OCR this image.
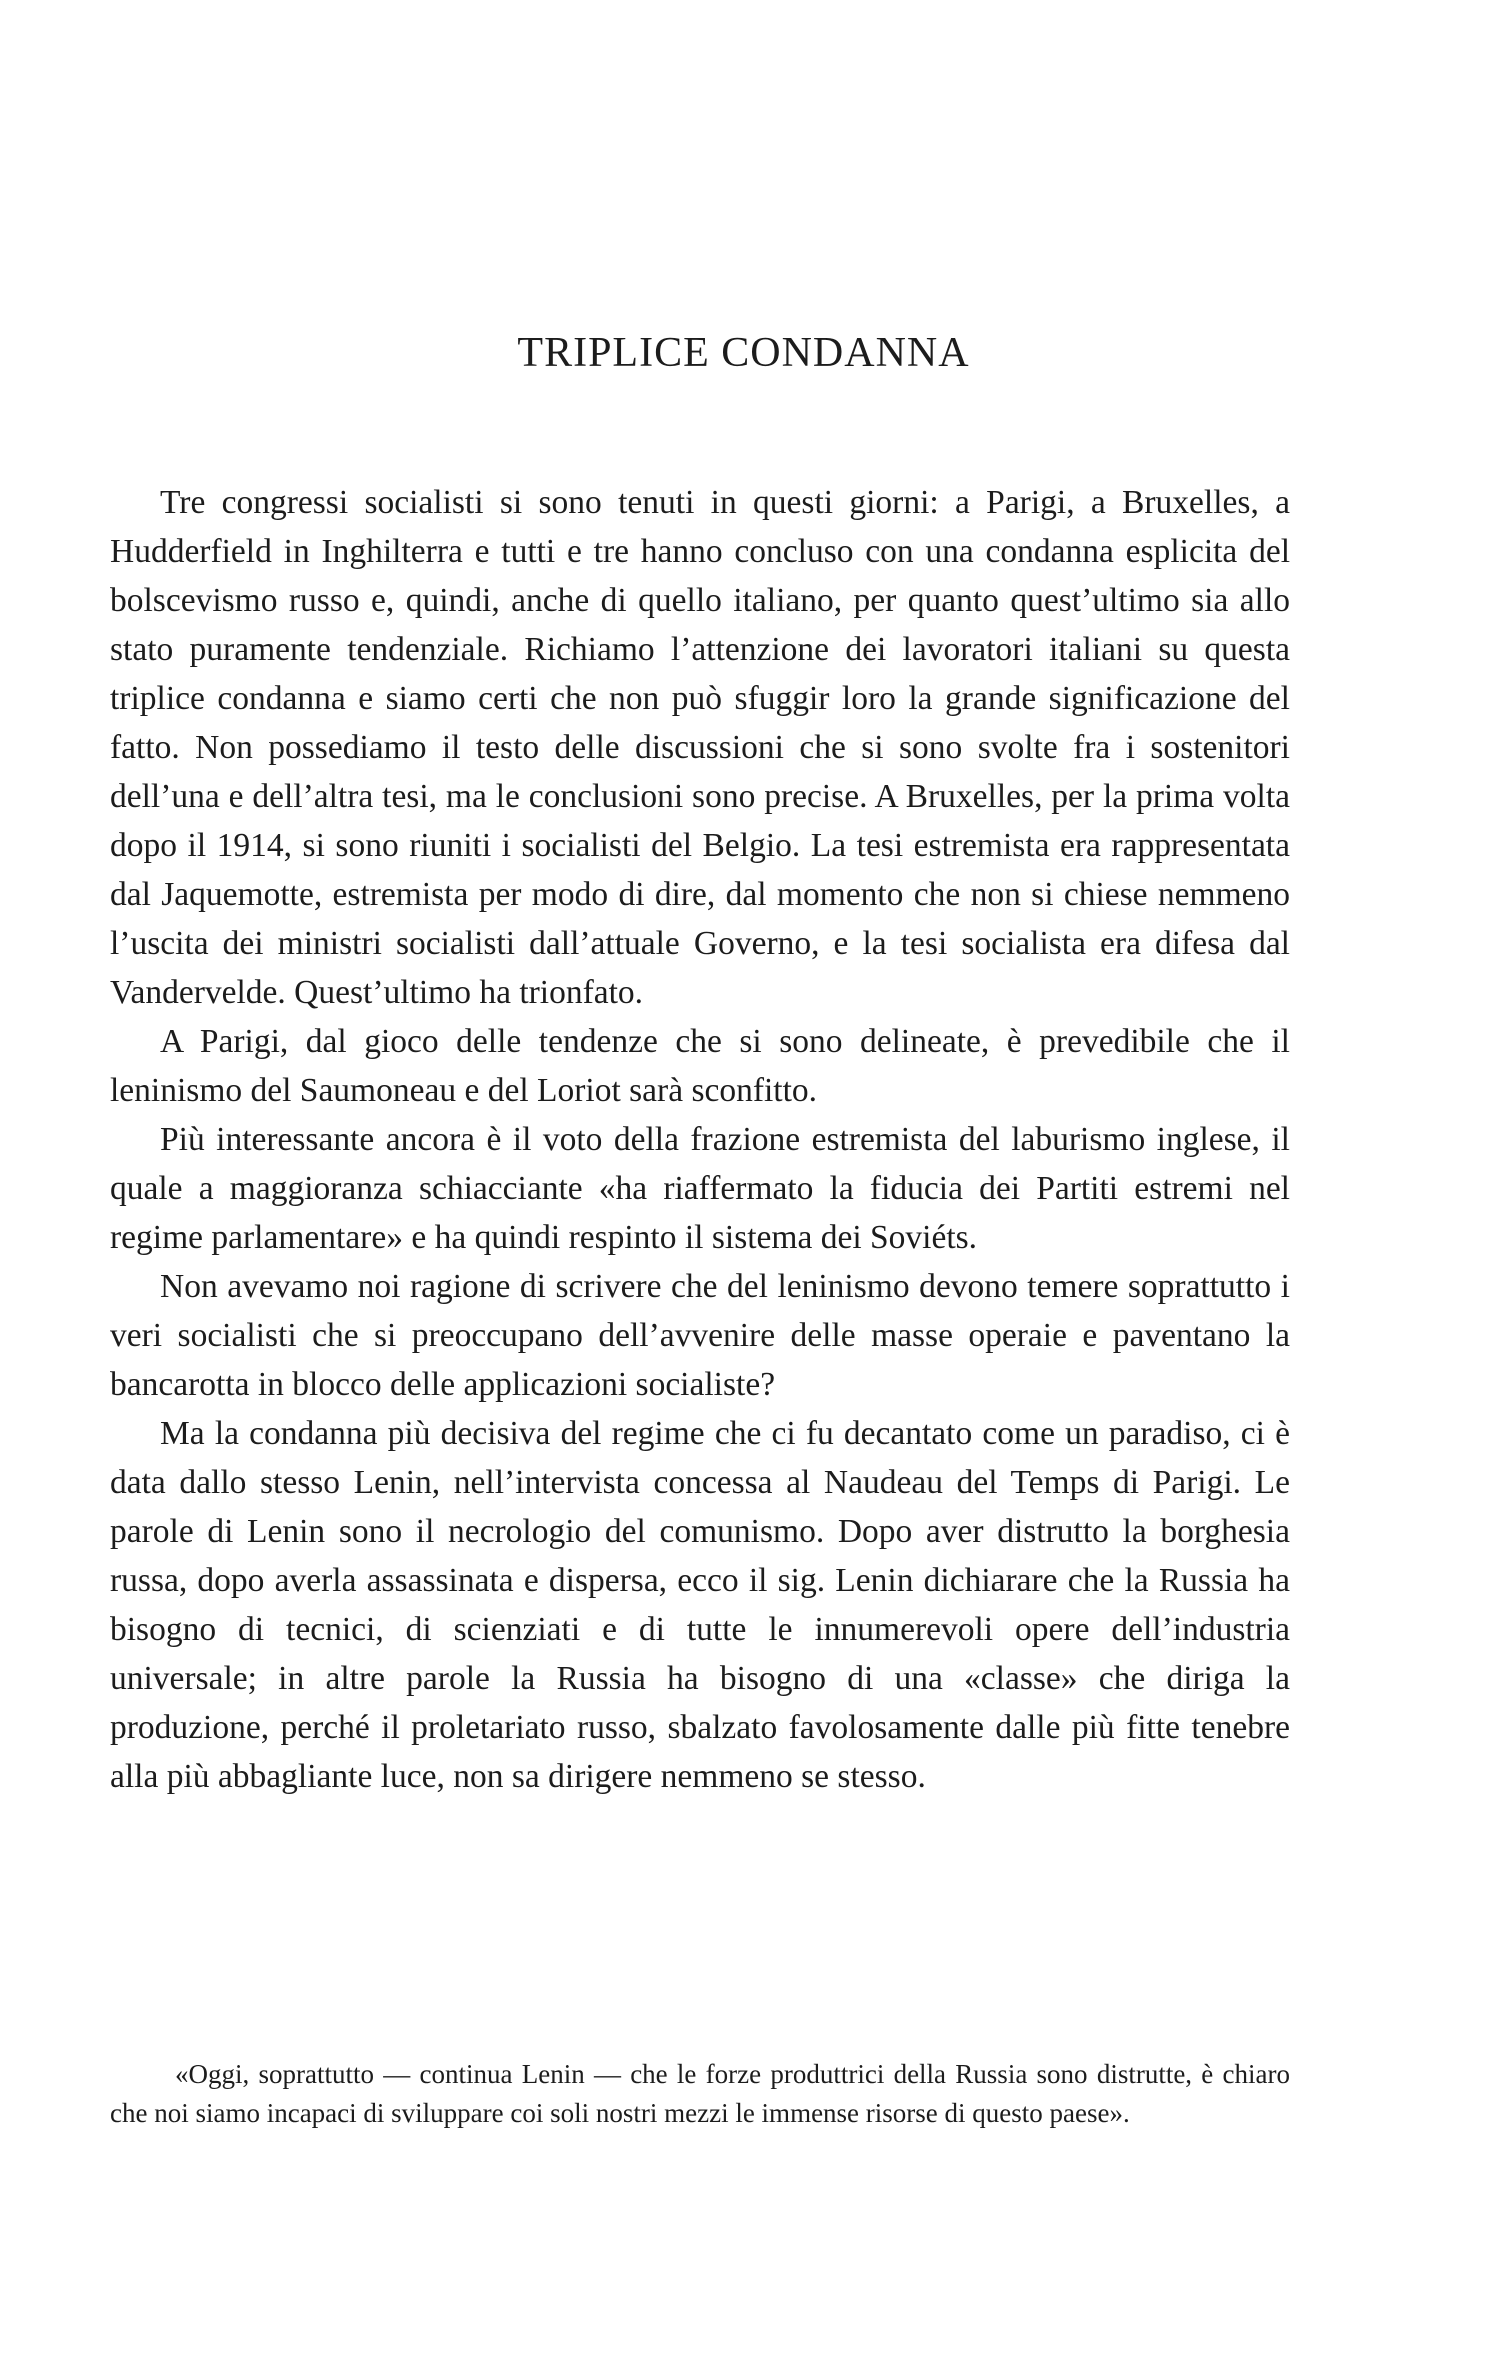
TRIPLICE CONDANNA

Tre congressi socialisti si sono tenuti in questi giorni: a Parigi, a Bruxelles, a Hudderfield in Inghilterra e tutti e tre hanno concluso con una condanna esplicita del bolscevismo russo e, quindi, anche di quello italiano, per quanto quest’ultimo sia allo stato puramente tendenziale. Richiamo l’attenzione dei lavoratori italiani su questa triplice condanna e siamo certi che non può sfuggir loro la grande significazione del fatto. Non possediamo il testo delle discussioni che si sono svolte fra i sostenitori dell’una e dell’altra tesi, ma le conclusioni sono precise. A Bruxelles, per la prima volta dopo il 1914, si sono riuniti i socialisti del Belgio. La tesi estremista era rappresentata dal Jaquemotte, estremista per modo di dire, dal momento che non si chiese nemmeno l’uscita dei ministri socialisti dall’attuale Governo, e la tesi socialista era difesa dal Vandervelde. Quest’ultimo ha trionfato.

A Parigi, dal gioco delle tendenze che si sono delineate, è prevedibile che il leninismo del Saumoneau e del Loriot sarà sconfitto.

Più interessante ancora è il voto della frazione estremista del laburismo inglese, il quale a maggioranza schiacciante «ha riaffermato la fiducia dei Partiti estremi nel regime parlamentare» e ha quindi respinto il sistema dei Soviéts.

Non avevamo noi ragione di scrivere che del leninismo devono temere soprattutto i veri socialisti che si preoccupano dell’avvenire delle masse operaie e paventano la bancarotta in blocco delle applicazioni socialiste?

Ma la condanna più decisiva del regime che ci fu decantato come un paradiso, ci è data dallo stesso Lenin, nell’intervista concessa al Naudeau del Temps di Parigi. Le parole di Lenin sono il necrologio del comunismo. Dopo aver distrutto la borghesia russa, dopo averla assassinata e dispersa, ecco il sig. Lenin dichiarare che la Russia ha bisogno di tecnici, di scienziati e di tutte le innumerevoli opere dell’industria universale; in altre parole la Russia ha bisogno di una «classe» che diriga la produzione, perché il proletariato russo, sbalzato favolosamente dalle più fitte tenebre alla più abbagliante luce, non sa dirigere nemmeno se stesso.

«Oggi, soprattutto — continua Lenin — che le forze produttrici della Russia sono distrutte, è chiaro che noi siamo incapaci di sviluppare coi soli nostri mezzi le immense risorse di questo paese».
